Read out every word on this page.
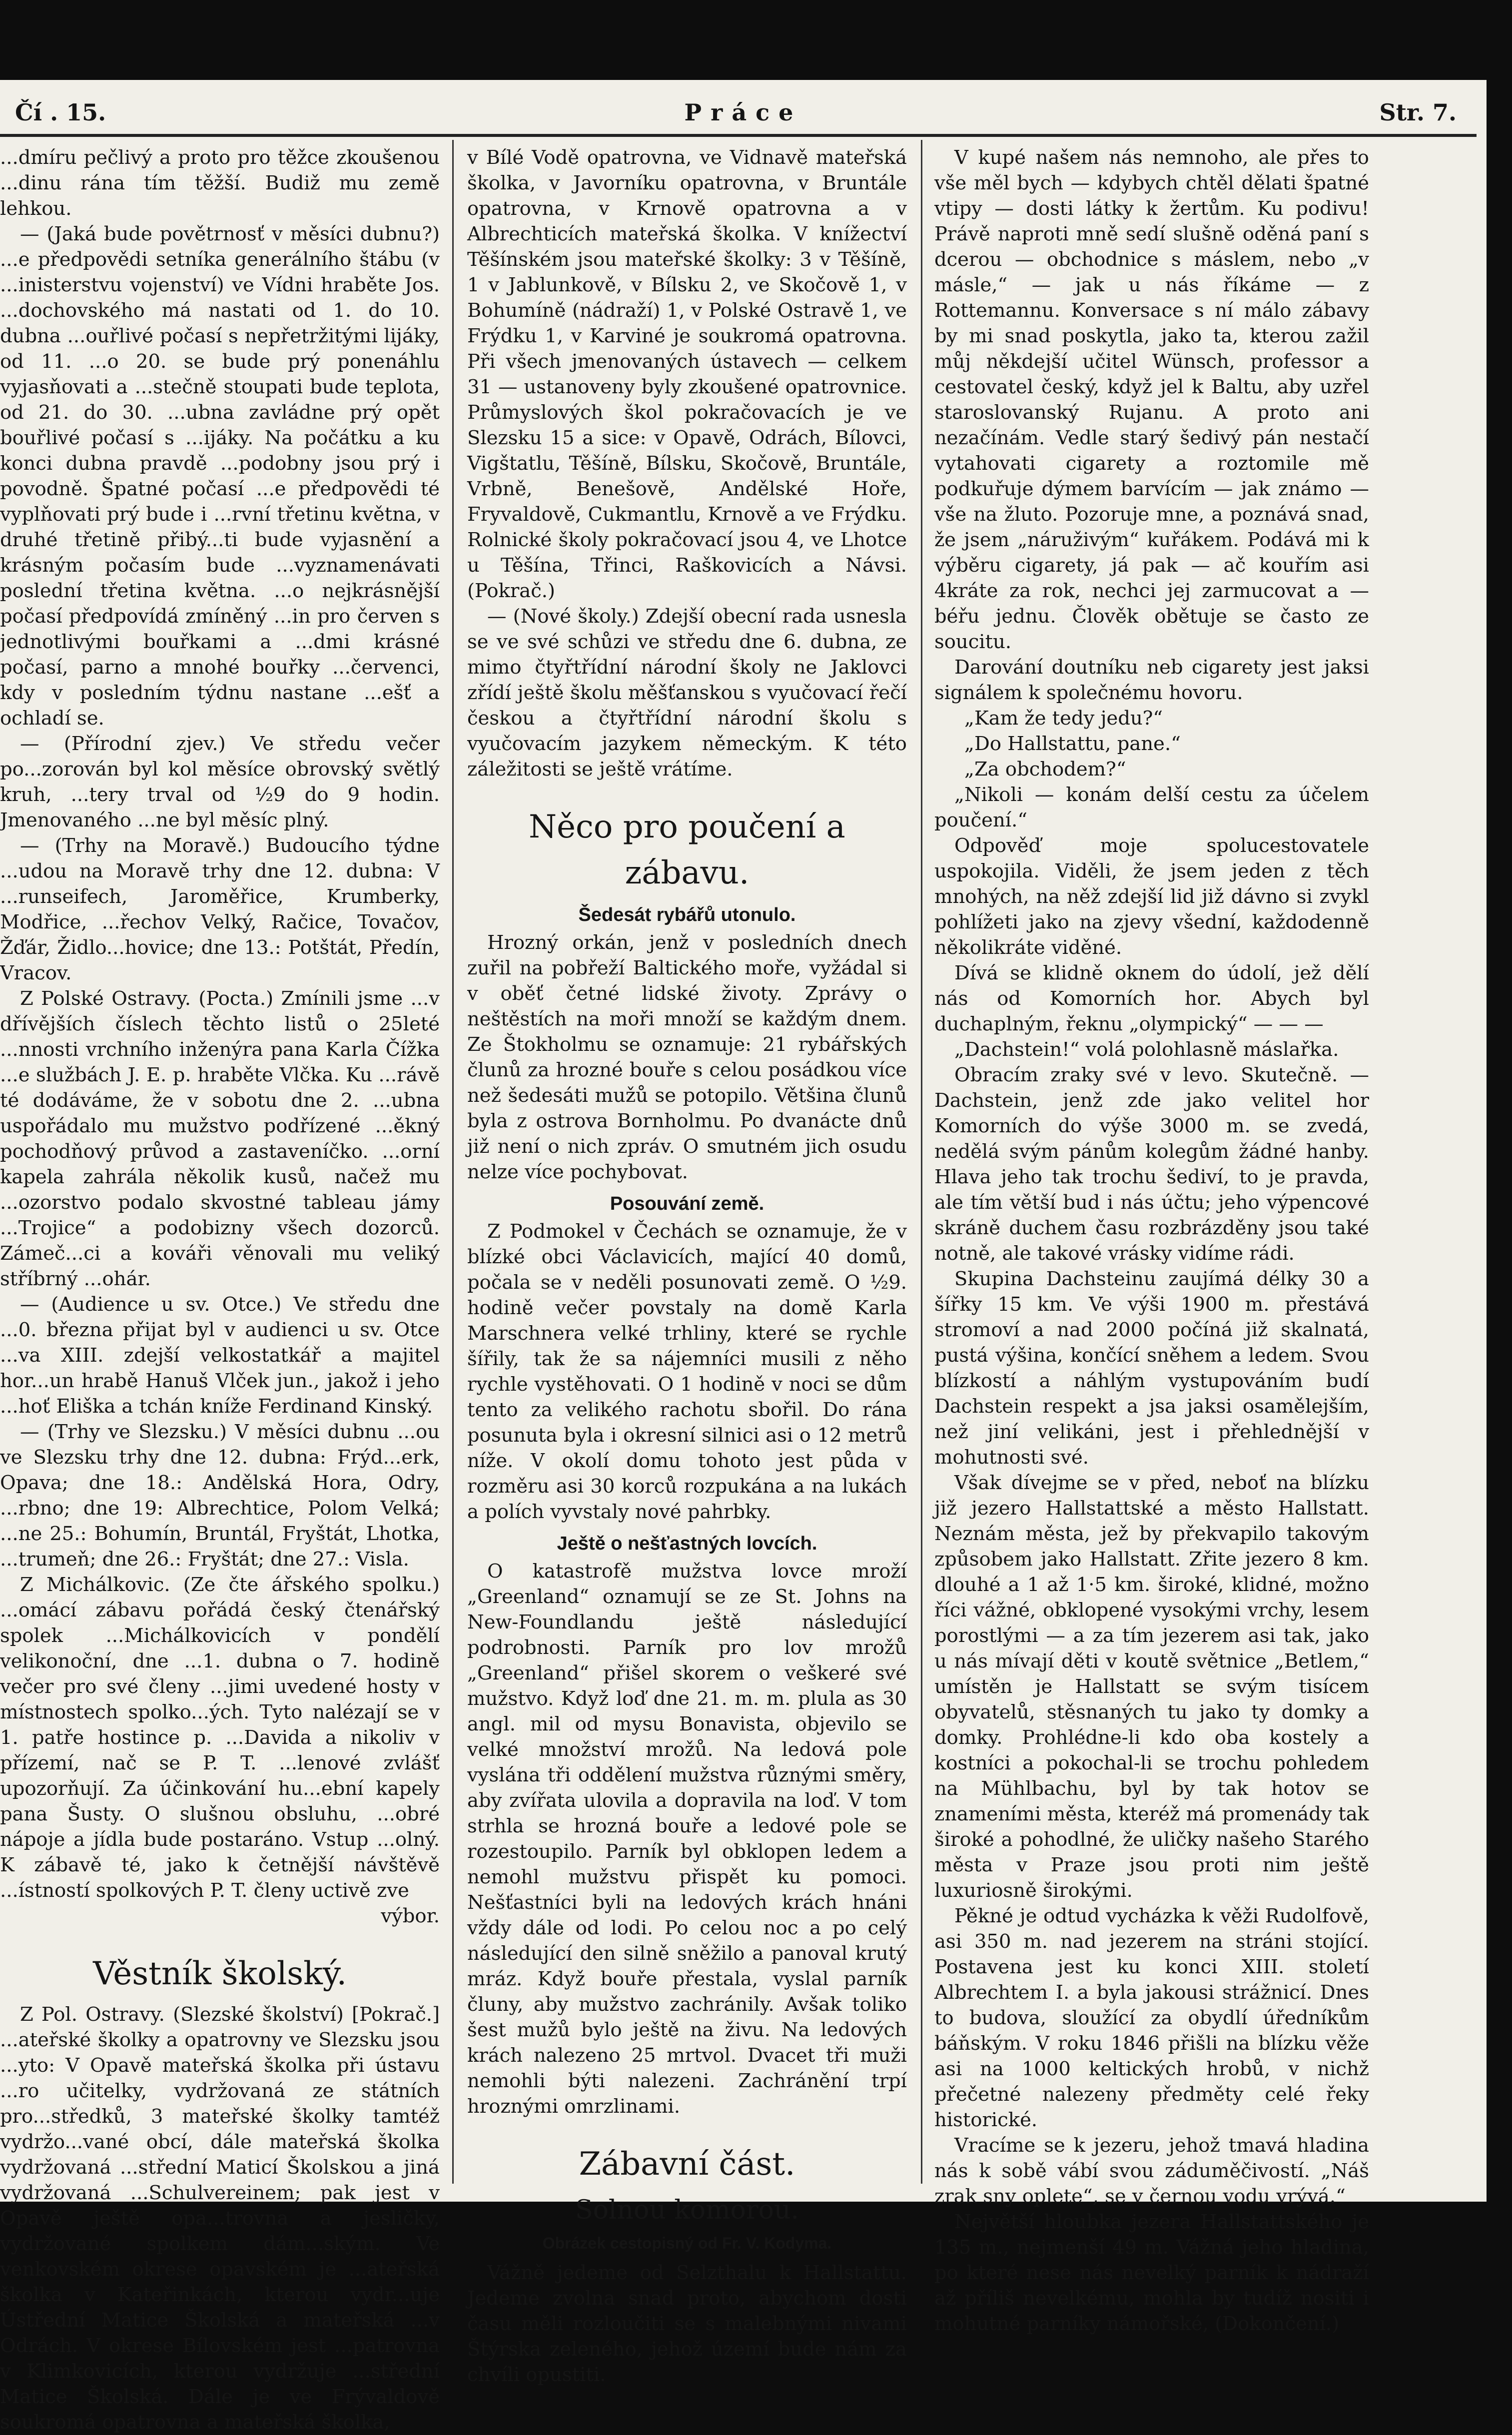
Čí . 15.	Práce	Str. 7.

...dmíru pečlivý a proto pro těžce zkoušenou ...dinu rána tím těžší. Budiž mu země lehkou.

— (Jaká bude povětrnosť v měsíci dubnu?) ...e předpovědi setníka generálního štábu (v ...inisterstvu vojenství) ve Vídni hraběte Jos. ...dochovského má nastati od 1. do 10. dubna ...ouřlivé počasí s nepřetržitými lijáky, od 11. ...o 20. se bude prý ponenáhlu vyjasňovati a ...stečně stoupati bude teplota, od 21. do 30. ...ubna zavládne prý opět bouřlivé počasí s ...ijáky. Na počátku a ku konci dubna pravdě ...podobny jsou prý i povodně. Špatné počasí ...e předpovědi té vyplňovati prý bude i ...rvní třetinu května, v druhé třetině přibý...ti bude vyjasnění a krásným počasím bude ...vyznamenávati poslední třetina května. ...o nejkrásnější počasí předpovídá zmíněný ...in pro červen s jednotlivými bouřkami a ...dmi krásné počasí, parno a mnohé bouřky ...červenci, kdy v posledním týdnu nastane ...ešť a ochladí se.

— (Přírodní zjev.) Ve středu večer po...zorován byl kol měsíce obrovský světlý kruh, ...tery trval od ½9 do 9 hodin. Jmenovaného ...ne byl měsíc plný.

— (Trhy na Moravě.) Budoucího týdne ...udou na Moravě trhy dne 12. dubna: V ...runseifech, Jaroměřice, Krumberky, Modřice, ...řechov Velký, Račice, Tovačov, Žďár, Židlo...hovice; dne 13.: Potštát, Předín, Vracov.

Z Polské Ostravy. (Pocta.) Zmínili jsme ...v dřívějších číslech těchto listů o 25leté ...nnosti vrchního inženýra pana Karla Čížka ...e službách J. E. p. hraběte Vlčka. Ku ...rávě té dodáváme, že v sobotu dne 2. ...ubna uspořádalo mu mužstvo podřízené ...ěkný pochodňový průvod a zastaveníčko. ...orní kapela zahrála několik kusů, načež mu ...ozorstvo podalo skvostné tableau jámy ...Trojice“ a podobizny všech dozorců. Zámeč...ci a kováři věnovali mu veliký stříbrný ...ohár.

— (Audience u sv. Otce.) Ve středu dne ...0. března přijat byl v audienci u sv. Otce ...va XIII. zdejší velkostatkář a majitel hor...un hrabě Hanuš Vlček jun., jakož i jeho ...hoť Eliška a tchán kníže Ferdinand Kinský.

— (Trhy ve Slezsku.) V měsíci dubnu ...ou ve Slezsku trhy dne 12. dubna: Frýd...erk, Opava; dne 18.: Andělská Hora, Odry, ...rbno; dne 19: Albrechtice, Polom Velká; ...ne 25.: Bohumín, Bruntál, Fryštát, Lhotka, ...trumeň; dne 26.: Fryštát; dne 27.: Visla.

Z Michálkovic. (Ze čte ářského spolku.) ...omácí zábavu pořádá český čtenářský spolek ...Michálkovicích v pondělí velikonoční, dne ...1. dubna o 7. hodině večer pro své členy ...jimi uvedené hosty v místnostech spolko...ých. Tyto nalézají se v 1. patře hostince p. ...Davida a nikoliv v přízemí, nač se P. T. ...lenové zvlášť upozorňují. Za účinkování hu...ební kapely pana Šusty. O slušnou obsluhu, ...obré nápoje a jídla bude postaráno. Vstup ...olný. K zábavě té, jako k četnější návštěvě ...ístností spolkových P. T. členy uctivě zve

výbor.

Věstník školský.

Z Pol. Ostravy. (Slezské školství) [Pokrač.] ...ateřské školky a opatrovny ve Slezsku jsou ...yto: V Opavě mateřská školka při ústavu ...ro učitelky, vydržovaná ze státních pro...středků, 3 mateřské školky tamtéž vydržo...vané obcí, dále mateřská školka vydržovaná ...střední Maticí Školskou a jiná vydržovaná ...Schulvereinem; pak jest v Opavě ještě opa...trovna a jesličky, vydržované spolkem dám...ským. Ve venkovském okrese opavském je ...ateřská školka v Kateřinkách, kterou vydr...uje Ústřední Matice Školská a mateřská ...v Odrách. V okrese Bílovském jest ...patrovna v Klimkovicích, kterou vydržuje ...střední Matice Školská. Dále je ve Frývaldově soukromá opatrovna a mateřská školka,

v Bílé Vodě opatrovna, ve Vidnavě mateřská školka, v Javorníku opatrovna, v Bruntále opatrovna, v Krnově opatrovna a v Albrechticích mateřská školka. V knížectví Těšínském jsou mateřské školky: 3 v Těšíně, 1 v Jablunkově, v Bílsku 2, ve Skočově 1, v Bohumíně (nádraží) 1, v Polské Ostravě 1, ve Frýdku 1, v Karviné je soukromá opatrovna. Při všech jmenovaných ústavech — celkem 31 — ustanoveny byly zkoušené opatrovnice. Průmyslových škol pokračovacích je ve Slezsku 15 a sice: v Opavě, Odrách, Bílovci, Vigštatlu, Těšíně, Bílsku, Skočově, Bruntále, Vrbně, Benešově, Andělské Hoře, Fryvaldově, Cukmantlu, Krnově a ve Frýdku. Rolnické školy pokračovací jsou 4, ve Lhotce u Těšína, Třinci, Raškovicích a Návsi. (Pokrač.)

— (Nové školy.) Zdejší obecní rada usnesla se ve své schůzi ve středu dne 6. dubna, ze mimo čtyřtřídní národní školy ne Jaklovci zřídí ještě školu měšťanskou s vyučovací řečí českou a čtyřtřídní národní školu s vyučovacím jazykem německým. K této záležitosti se ještě vrátíme.

Něco pro poučení a zábavu.
Šedesát rybářů utonulo.

Hrozný orkán, jenž v posledních dnech zuřil na pobřeží Baltického moře, vyžádal si v oběť četné lidské životy. Zprávy o neštěstích na moři množí se každým dnem. Ze Štokholmu se oznamuje: 21 rybářských člunů za hrozné bouře s celou posádkou více než šedesáti mužů se potopilo. Většina člunů byla z ostrova Bornholmu. Po dvanácte dnů již není o nich zpráv. O smutném jich osudu nelze více pochybovat.

Posouvání země.

Z Podmokel v Čechách se oznamuje, že v blízké obci Václavicích, mající 40 domů, počala se v neděli posunovati země. O ½9. hodině večer povstaly na domě Karla Marschnera velké trhliny, které se rychle šířily, tak že sa nájemníci musili z něho rychle vystěhovati. O 1 hodině v noci se dům tento za velikého rachotu sbořil. Do rána posunuta byla i okresní silnici asi o 12 metrů níže. V okolí domu tohoto jest půda v rozměru asi 30 korců rozpukána a na lukách a polích vyvstaly nové pahrbky.

Ještě o nešťastných lovcích.

O katastrofě mužstva lovce mroží „Greenland“ oznamují se ze St. Johns na New-Foundlandu ještě následující podrobnosti. Parník pro lov mrožů „Greenland“ přišel skorem o veškeré své mužstvo. Když loď dne 21. m. m. plula as 30 angl. mil od mysu Bonavista, objevilo se velké množství mrožů. Na ledová pole vyslána tři oddělení mužstva různými směry, aby zvířata ulovila a dopravila na loď. V tom strhla se hrozná bouře a ledové pole se rozestoupilo. Parník byl obklopen ledem a nemohl mužstvu přispět ku pomoci. Nešťastníci byli na ledových krách hnáni vždy dále od lodi. Po celou noc a po celý následující den silně sněžilo a panoval krutý mráz. Když bouře přestala, vyslal parník čluny, aby mužstvo zachránily. Avšak toliko šest mužů bylo ještě na živu. Na ledových krách nalezeno 25 mrtvol. Dvacet tři muži nemohli býti nalezeni. Zachránění trpí hroznými omrzlinami.

Zábavní část.
Solnou komorou.
Obrázek cestopisný od Fr. V. Kodyma.

Vážně jedeme od Selzthalu k Hallstattu. Jedeme zvolna snad proto, abychom dosti času měli rozloučiti se s malebnými nivami Štýrska zeleného, jehož území bude nám za chvíli opustiti.

V kupé našem nás nemnoho, ale přes to vše měl bych — kdybych chtěl dělati špatné vtipy — dosti látky k žertům. Ku podivu! Právě naproti mně sedí slušně oděná paní s dcerou — obchodnice s máslem, nebo „v másle,“ — jak u nás říkáme — z Rottemannu. Konversace s ní málo zábavy by mi snad poskytla, jako ta, kterou zažil můj někdejší učitel Wünsch, professor a cestovatel český, když jel k Baltu, aby uzřel staroslovanský Rujanu. A proto ani nezačínám. Vedle starý šedivý pán nestačí vytahovati cigarety a roztomile mě podkuřuje dýmem barvícím — jak známo — vše na žluto. Pozoruje mne, a poznává snad, že jsem „náruživým“ kuřákem. Podává mi k výběru cigarety, já pak — ač kouřím asi 4kráte za rok, nechci jej zarmucovat a — béřu jednu. Člověk obětuje se často ze soucitu.

Darování doutníku neb cigarety jest jaksi signálem k společnému hovoru.

„Kam že tedy jedu?“

„Do Hallstattu, pane.“

„Za obchodem?“

„Nikoli — konám delší cestu za účelem poučení.“

Odpověď moje spolucestovatele uspokojila. Viděli, že jsem jeden z těch mnohých, na něž zdejší lid již dávno si zvykl pohlížeti jako na zjevy všední, každodenně několikráte viděné.

Dívá se klidně oknem do údolí, jež dělí nás od Komorních hor. Abych byl duchaplným, řeknu „olympický“ — — —

„Dachstein!“ volá polohlasně máslařka.

Obracím zraky své v levo. Skutečně. — Dachstein, jenž zde jako velitel hor Komorních do výše 3000 m. se zvedá, nedělá svým pánům kolegům žádné hanby. Hlava jeho tak trochu šediví, to je pravda, ale tím větší bud i nás účtu; jeho výpencové skráně duchem času rozbrázděny jsou také notně, ale takové vrásky vidíme rádi.

Skupina Dachsteinu zaujímá délky 30 a šířky 15 km. Ve výši 1900 m. přestává stromoví a nad 2000 počíná již skalnatá, pustá výšina, končící sněhem a ledem. Svou blízkostí a náhlým vystupováním budí Dachstein respekt a jsa jaksi osamělejším, než jiní velikáni, jest i přehlednější v mohutnosti své.

Však dívejme se v před, neboť na blízku již jezero Hallstattské a město Hallstatt. Neznám města, jež by překvapilo takovým způsobem jako Hallstatt. Zřite jezero 8 km. dlouhé a 1 až 1·5 km. široké, klidné, možno říci vážné, obklopené vysokými vrchy, lesem porostlými — a za tím jezerem asi tak, jako u nás mívají děti v koutě světnice „Betlem,“ umístěn je Hallstatt se svým tisícem obyvatelů, stěsnaných tu jako ty domky a domky. Prohlédne-li kdo oba kostely a kostníci a pokochal-li se trochu pohledem na Mühlbachu, byl by tak hotov se znameními města, kteréž má promenády tak široké a pohodlné, že uličky našeho Starého města v Praze jsou proti nim ještě luxuriosně širokými.

Pěkné je odtud vycházka k věži Rudolfově, asi 350 m. nad jezerem na stráni stojící. Postavena jest ku konci XIII. století Albrechtem I. a byla jakousi strážnicí. Dnes to budova, sloužící za obydlí úředníkům báňským. V roku 1846 přišli na blízku věže asi na 1000 keltických hrobů, v nichž přečetné nalezeny předměty celé řeky historické.

Vracíme se k jezeru, jehož tmavá hladina nás k sobě vábí svou záduměčivostí. „Náš zrak sny oplete“, se v černou vodu vrývá.“

Největší hloubka jezera Hallstattského je 135 m., nejmenší 49 m. Vážná jeho hladina, po které nese nás nevelký parník k nádraží až příliš nevelkému, mohla by tudíž nositi i mohutné parníky námořské, (Dokončení.)
